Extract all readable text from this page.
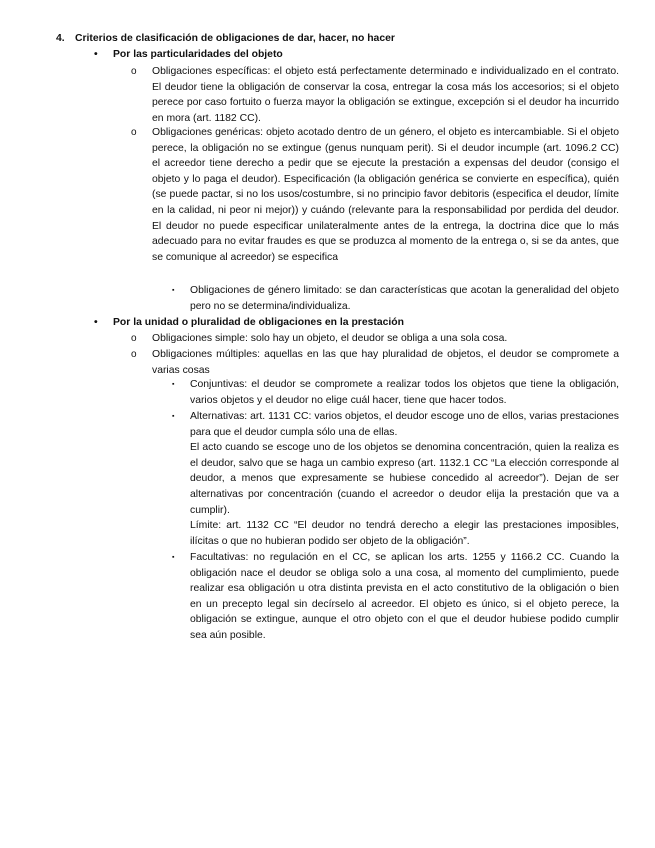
4. Criterios de clasificación de obligaciones de dar, hacer, no hacer
• Por las particularidades del objeto
o Obligaciones específicas: el objeto está perfectamente determinado e individualizado en el contrato. El deudor tiene la obligación de conservar la cosa, entregar la cosa más los accesorios; si el objeto perece por caso fortuito o fuerza mayor la obligación se extingue, excepción si el deudor ha incurrido en mora (art. 1182 CC).
o Obligaciones genéricas: objeto acotado dentro de un género, el objeto es intercambiable. Si el objeto perece, la obligación no se extingue (genus nunquam perit). Si el deudor incumple (art. 1096.2 CC) el acreedor tiene derecho a pedir que se ejecute la prestación a expensas del deudor (consigo el objeto y lo paga el deudor). Especificación (la obligación genérica se convierte en específica), quién (se puede pactar, si no los usos/costumbre, si no principio favor debitoris (especifica el deudor, límite en la calidad, ni peor ni mejor)) y cuándo (relevante para la responsabilidad por perdida del deudor. El deudor no puede especificar unilateralmente antes de la entrega, la doctrina dice que lo más adecuado para no evitar fraudes es que se produzca al momento de la entrega o, si se da antes, que se comunique al acreedor) se especifica
▪ Obligaciones de género limitado: se dan características que acotan la generalidad del objeto pero no se determina/individualiza.
• Por la unidad o pluralidad de obligaciones en la prestación
o Obligaciones simple: solo hay un objeto, el deudor se obliga a una sola cosa.
o Obligaciones múltiples: aquellas en las que hay pluralidad de objetos, el deudor se compromete a varias cosas
▪ Conjuntivas: el deudor se compromete a realizar todos los objetos que tiene la obligación, varios objetos y el deudor no elige cuál hacer, tiene que hacer todos.
▪ Alternativas: art. 1131 CC: varios objetos, el deudor escoge uno de ellos, varias prestaciones para que el deudor cumpla sólo una de ellas.
El acto cuando se escoge uno de los objetos se denomina concentración, quien la realiza es el deudor, salvo que se haga un cambio expreso (art. 1132.1 CC “La elección corresponde al deudor, a menos que expresamente se hubiese concedido al acreedor”). Dejan de ser alternativas por concentración (cuando el acreedor o deudor elija la prestación que va a cumplir).
Límite: art. 1132 CC “El deudor no tendrá derecho a elegir las prestaciones imposibles, ilícitas o que no hubieran podido ser objeto de la obligación”.
▪ Facultativas: no regulación en el CC, se aplican los arts. 1255 y 1166.2 CC. Cuando la obligación nace el deudor se obliga solo a una cosa, al momento del cumplimiento, puede realizar esa obligación u otra distinta prevista en el acto constitutivo de la obligación o bien en un precepto legal sin decírselo al acreedor. El objeto es único, si el objeto perece, la obligación se extingue, aunque el otro objeto con el que el deudor hubiese podido cumplir sea aún posible.
